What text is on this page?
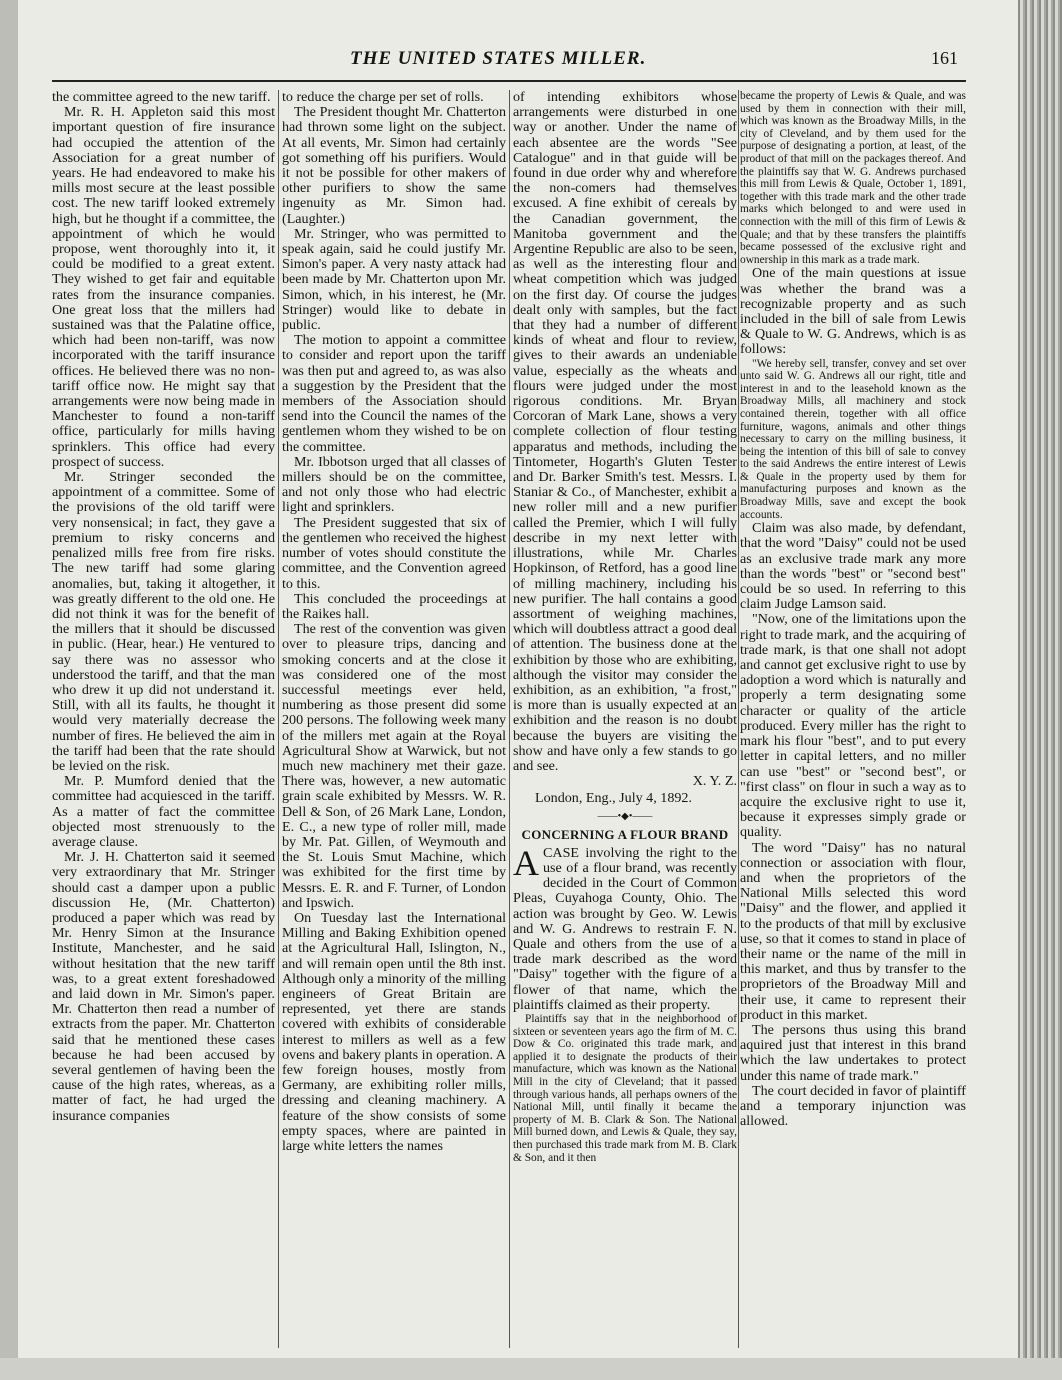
THE UNITED STATES MILLER.	161

the committee agreed to the new tariff.

Mr. R. H. Appleton said this most important question of fire insurance had occupied the attention of the Association for a great number of years. He had endeavored to make his mills most secure at the least possible cost. The new tariff looked extremely high, but he thought if a committee, the appointment of which he would propose, went thoroughly into it, it could be modified to a great extent. They wished to get fair and equitable rates from the insurance companies. One great loss that the millers had sustained was that the Palatine office, which had been non-tariff, was now incorporated with the tariff insurance offices. He believed there was no non-tariff office now. He might say that arrangements were now being made in Manchester to found a non-tariff office, particularly for mills having sprinklers. This office had every prospect of success.

Mr. Stringer seconded the appointment of a committee. Some of the provisions of the old tariff were very nonsensical; in fact, they gave a premium to risky concerns and penalized mills free from fire risks. The new tariff had some glaring anomalies, but, taking it altogether, it was greatly different to the old one. He did not think it was for the benefit of the millers that it should be discussed in public. (Hear, hear.) He ventured to say there was no assessor who understood the tariff, and that the man who drew it up did not understand it. Still, with all its faults, he thought it would very materially decrease the number of fires. He believed the aim in the tariff had been that the rate should be levied on the risk.

Mr. P. Mumford denied that the committee had acquiesced in the tariff. As a matter of fact the committee objected most strenuously to the average clause.

Mr. J. H. Chatterton said it seemed very extraordinary that Mr. Stringer should cast a damper upon a public discussion He, (Mr. Chatterton) produced a paper which was read by Mr. Henry Simon at the Insurance Institute, Manchester, and he said without hesitation that the new tariff was, to a great extent foreshadowed and laid down in Mr. Simon's paper. Mr. Chatterton then read a number of extracts from the paper. Mr. Chatterton said that he mentioned these cases because he had been accused by several gentlemen of having been the cause of the high rates, whereas, as a matter of fact, he had urged the insurance companies

to reduce the charge per set of rolls.

The President thought Mr. Chatterton had thrown some light on the subject. At all events, Mr. Simon had certainly got something off his purifiers. Would it not be possible for other makers of other purifiers to show the same ingenuity as Mr. Simon had. (Laughter.)

Mr. Stringer, who was permitted to speak again, said he could justify Mr. Simon's paper. A very nasty attack had been made by Mr. Chatterton upon Mr. Simon, which, in his interest, he (Mr. Stringer) would like to debate in public.

The motion to appoint a committee to consider and report upon the tariff was then put and agreed to, as was also a suggestion by the President that the members of the Association should send into the Council the names of the gentlemen whom they wished to be on the committee.

Mr. Ibbotson urged that all classes of millers should be on the committee, and not only those who had electric light and sprinklers.

The President suggested that six of the gentlemen who received the highest number of votes should constitute the committee, and the Convention agreed to this.

This concluded the proceedings at the Raikes hall.

The rest of the convention was given over to pleasure trips, dancing and smoking concerts and at the close it was considered one of the most successful meetings ever held, numbering as those present did some 200 persons. The following week many of the millers met again at the Royal Agricultural Show at Warwick, but not much new machinery met their gaze. There was, however, a new automatic grain scale exhibited by Messrs. W. R. Dell & Son, of 26 Mark Lane, London, E. C., a new type of roller mill, made by Mr. Pat. Gillen, of Weymouth and the St. Louis Smut Machine, which was exhibited for the first time by Messrs. E. R. and F. Turner, of London and Ipswich.

On Tuesday last the International Milling and Baking Exhibition opened at the Agricultural Hall, Islington, N., and will remain open until the 8th inst. Although only a minority of the milling engineers of Great Britain are represented, yet there are stands covered with exhibits of considerable interest to millers as well as a few ovens and bakery plants in operation. A few foreign houses, mostly from Germany, are exhibiting roller mills, dressing and cleaning machinery. A feature of the show consists of some empty spaces, where are painted in large white letters the names

of intending exhibitors whose arrangements were disturbed in one way or another. Under the name of each absentee are the words "See Catalogue" and in that guide will be found in due order why and wherefore the non-comers had themselves excused. A fine exhibit of cereals by the Canadian government, the Manitoba government and the Argentine Republic are also to be seen, as well as the interesting flour and wheat competition which was judged on the first day. Of course the judges dealt only with samples, but the fact that they had a number of different kinds of wheat and flour to review, gives to their awards an undeniable value, especially as the wheats and flours were judged under the most rigorous conditions. Mr. Bryan Corcoran of Mark Lane, shows a very complete collection of flour testing apparatus and methods, including the Tintometer, Hogarth's Gluten Tester and Dr. Barker Smith's test. Messrs. I. Staniar & Co., of Manchester, exhibit a new roller mill and a new purifier called the Premier, which I will fully describe in my next letter with illustrations, while Mr. Charles Hopkinson, of Retford, has a good line of milling machinery, including his new purifier. The hall contains a good assortment of weighing machines, which will doubtless attract a good deal of attention. The business done at the exhibition by those who are exhibiting, although the visitor may consider the exhibition, as an exhibition, "a frost," is more than is usually expected at an exhibition and the reason is no doubt because the buyers are visiting the show and have only a few stands to go and see.

X. Y. Z.

London, Eng., July 4, 1892.

——•◆•——

CONCERNING A FLOUR BRAND

ACASE involving the right to the use of a flour brand, was recently decided in the Court of Common Pleas, Cuyahoga County, Ohio. The action was brought by Geo. W. Lewis and W. G. Andrews to restrain F. N. Quale and others from the use of a trade mark described as the word "Daisy" together with the figure of a flower of that name, which the plaintiffs claimed as their property.

Plaintiffs say that in the neighborhood of sixteen or seventeen years ago the firm of M. C. Dow & Co. originated this trade mark, and applied it to designate the products of their manufacture, which was known as the National Mill in the city of Cleveland; that it passed through various hands, all perhaps owners of the National Mill, until finally it became the property of M. B. Clark & Son. The National Mill burned down, and Lewis & Quale, they say, then purchased this trade mark from M. B. Clark & Son, and it then

became the property of Lewis & Quale, and was used by them in connection with their mill, which was known as the Broadway Mills, in the city of Cleveland, and by them used for the purpose of designating a portion, at least, of the product of that mill on the packages thereof. And the plaintiffs say that W. G. Andrews purchased this mill from Lewis & Quale, October 1, 1891, together with this trade mark and the other trade marks which belonged to and were used in connection with the mill of this firm of Lewis & Quale; and that by these transfers the plaintiffs became possessed of the exclusive right and ownership in this mark as a trade mark.

One of the main questions at issue was whether the brand was a recognizable property and as such included in the bill of sale from Lewis & Quale to W. G. Andrews, which is as follows:

"We hereby sell, transfer, convey and set over unto said W. G. Andrews all our right, title and interest in and to the leasehold known as the Broadway Mills, all machinery and stock contained therein, together with all office furniture, wagons, animals and other things necessary to carry on the milling business, it being the intention of this bill of sale to convey to the said Andrews the entire interest of Lewis & Quale in the property used by them for manufacturing purposes and known as the Broadway Mills, save and except the book accounts.

Claim was also made, by defendant, that the word "Daisy" could not be used as an exclusive trade mark any more than the words "best" or "second best" could be so used. In referring to this claim Judge Lamson said.

"Now, one of the limitations upon the right to trade mark, and the acquiring of trade mark, is that one shall not adopt and cannot get exclusive right to use by adoption a word which is naturally and properly a term designating some character or quality of the article produced. Every miller has the right to mark his flour "best", and to put every letter in capital letters, and no miller can use "best" or "second best", or "first class" on flour in such a way as to acquire the exclusive right to use it, because it expresses simply grade or quality.

The word "Daisy" has no natural connection or association with flour, and when the proprietors of the National Mills selected this word "Daisy" and the flower, and applied it to the products of that mill by exclusive use, so that it comes to stand in place of their name or the name of the mill in this market, and thus by transfer to the proprietors of the Broadway Mill and their use, it came to represent their product in this market.

The persons thus using this brand aquired just that interest in this brand which the law undertakes to protect under this name of trade mark."

The court decided in favor of plaintiff and a temporary injunction was allowed.
